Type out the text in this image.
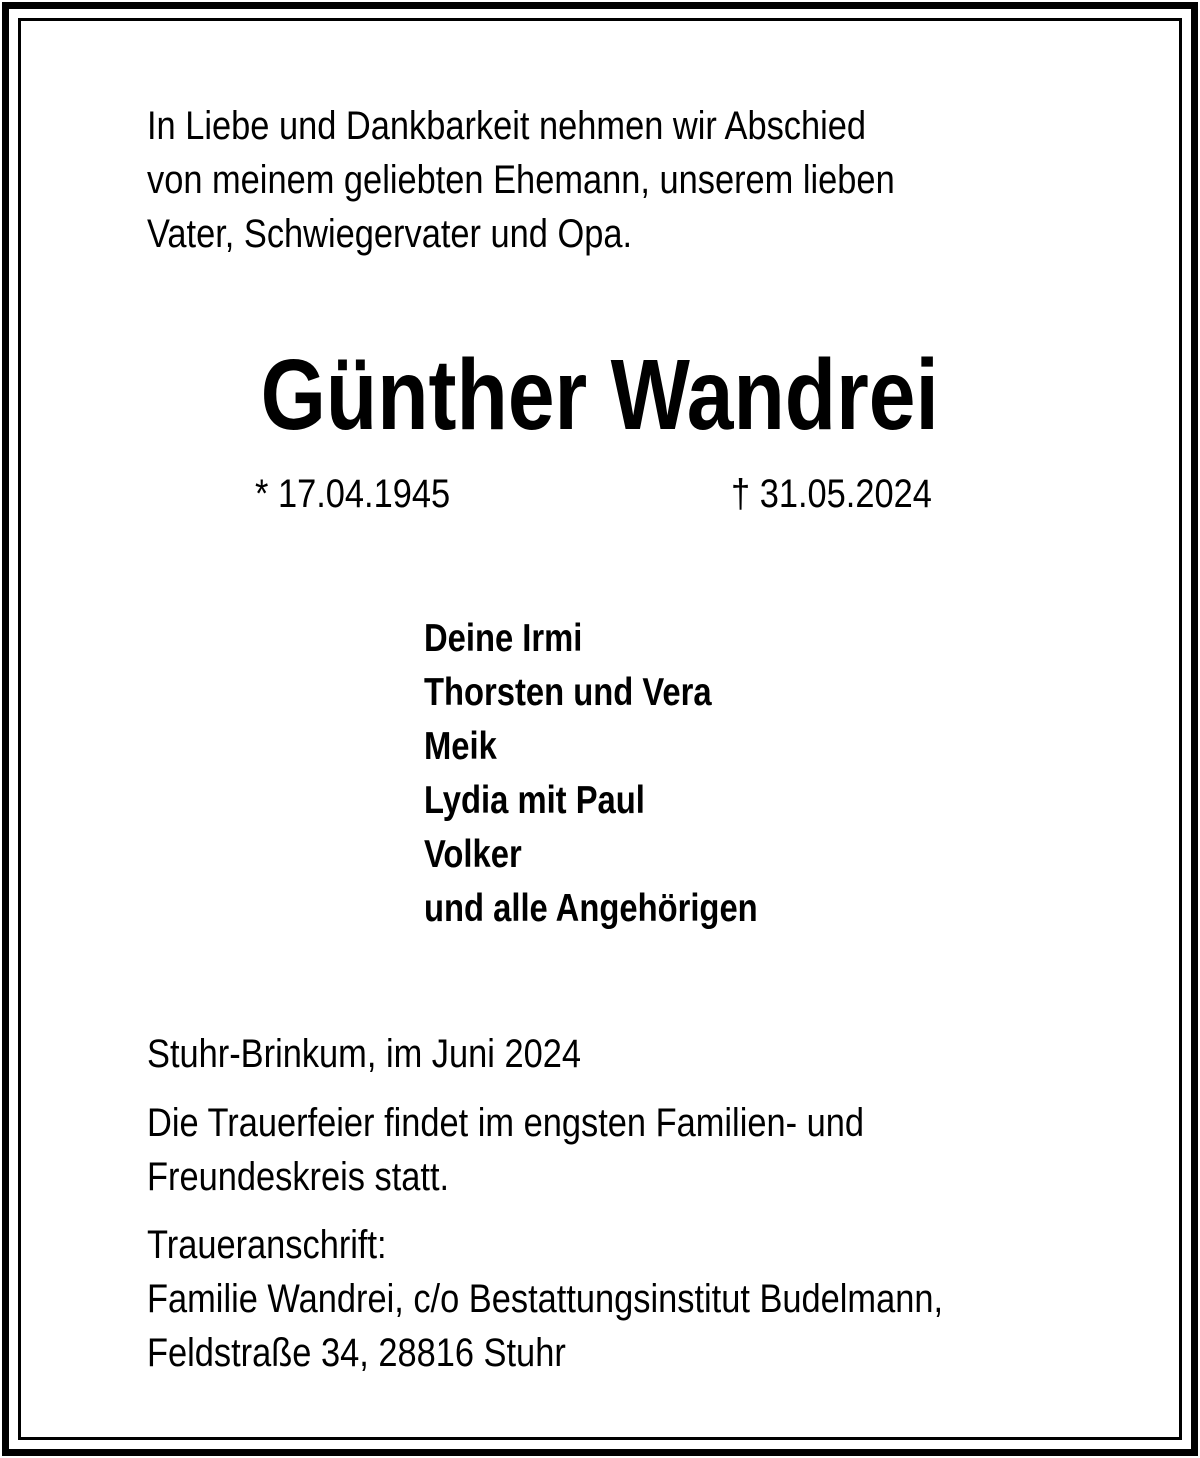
In Liebe und Dankbarkeit nehmen wir Abschied
von meinem geliebten Ehemann, unserem lieben
Vater, Schwiegervater und Opa.
Günther Wandrei
* 17.04.1945	† 31.05.2024
Deine Irmi
Thorsten und Vera
Meik
Lydia mit Paul
Volker
und alle Angehörigen
Stuhr-Brinkum, im Juni 2024
Die Trauerfeier findet im engsten Familien- und
Freundeskreis statt.
Traueranschrift:
Familie Wandrei, c/o Bestattungsinstitut Budelmann,
Feldstraße 34, 28816 Stuhr
